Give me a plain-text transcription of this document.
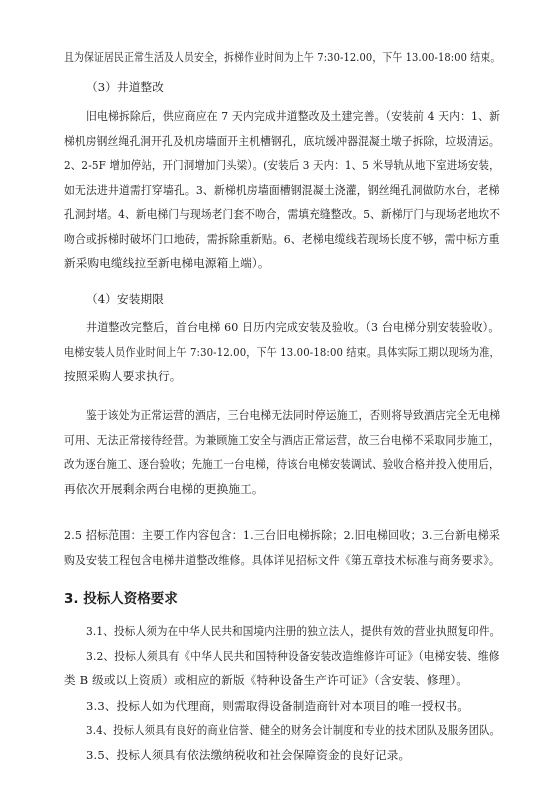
且为保证居民正常生活及人员安全，拆梯作业时间为上午 7:30-12.00，下午 13.00-18:00 结束。
（3）井道整改
旧电梯拆除后，供应商应在 7 天内完成井道整改及土建完善。（安装前 4 天内：1、新
梯机房钢丝绳孔洞开孔及机房墙面开主机槽钢孔，底坑缓冲器混凝土墩子拆除，垃圾清运。
2、2-5F 增加停站，开门洞增加门头梁）。(安装后 3 天内：1、5 米导轨从地下室进场安装，
如无法进井道需打穿墙孔。3、新梯机房墙面槽钢混凝土浇灌，钢丝绳孔洞做防水台，老梯
孔洞封堵。4、新电梯门与现场老门套不吻合，需填充缝整改。5、新梯厅门与现场老地坎不
吻合或拆梯时破坏门口地砖，需拆除重新贴。6、老梯电缆线若现场长度不够，需中标方重
新采购电缆线拉至新电梯电源箱上端）。
（4）安装期限
井道整改完整后，首台电梯 60 日历内完成安装及验收。（3 台电梯分别安装验收）。
电梯安装人员作业时间上午 7:30-12.00，下午 13.00-18:00 结束。具体实际工期以现场为准，
按照采购人要求执行。
鉴于该处为正常运营的酒店，三台电梯无法同时停运施工，否则将导致酒店完全无电梯
可用、无法正常接待经营。为兼顾施工安全与酒店正常运营，故三台电梯不采取同步施工，
改为逐台施工、逐台验收；先施工一台电梯，待该台电梯安装调试、验收合格并投入使用后，
再依次开展剩余两台电梯的更换施工。
2.5 招标范围：主要工作内容包含：1.三台旧电梯拆除；2.旧电梯回收；3.三台新电梯采
购及安装工程包含电梯井道整改维修。具体详见招标文件《第五章技术标准与商务要求》。
3. 投标人资格要求
3.1、投标人须为在中华人民共和国境内注册的独立法人，提供有效的营业执照复印件。
3.2、投标人须具有《中华人民共和国特种设备安装改造维修许可证》（电梯安装、维修
类 B 级或以上资质）或相应的新版《特种设备生产许可证》（含安装、修理）。
3.3、投标人如为代理商，则需取得设备制造商针对本项目的唯一授权书。
3.4、投标人须具有良好的商业信誉、健全的财务会计制度和专业的技术团队及服务团队。
3.5、投标人须具有依法缴纳税收和社会保障资金的良好记录。
